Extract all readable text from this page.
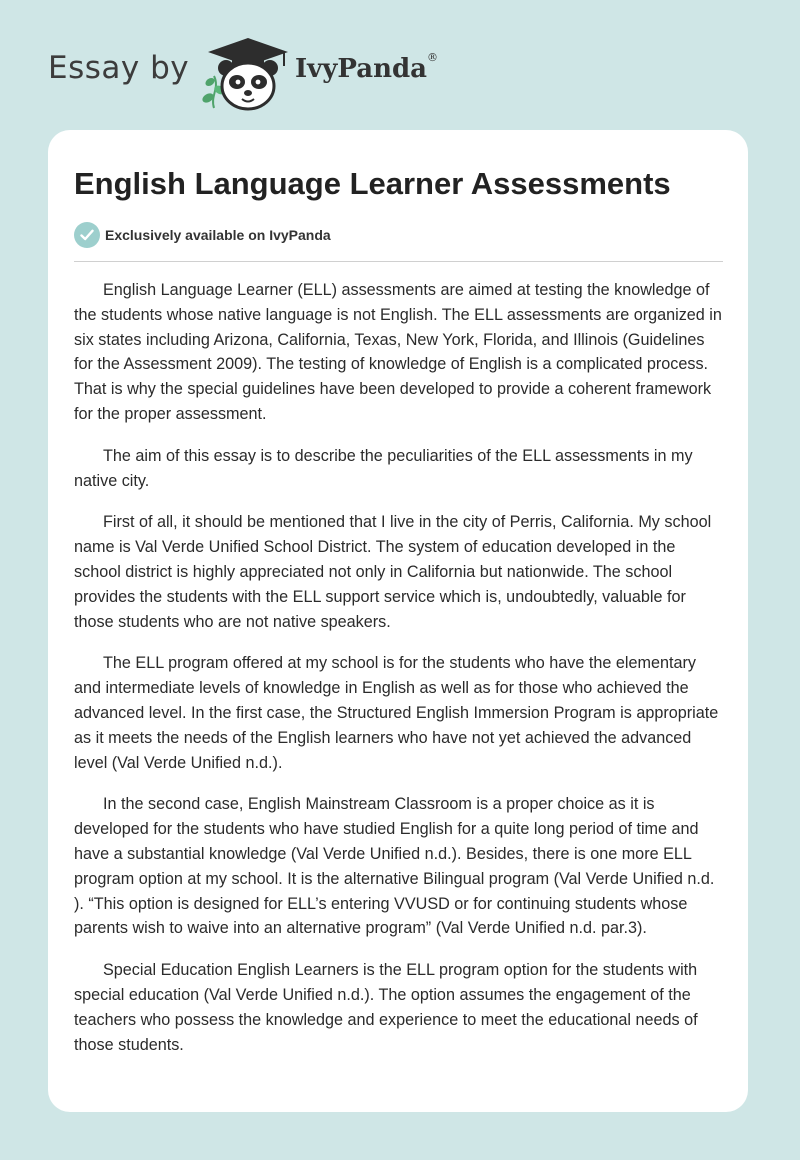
Essay by	IvyPanda®
English Language Learner Assessments
Exclusively available on IvyPanda

English Language Learner (ELL) assessments are aimed at testing the knowledge of the students whose native language is not English. The ELL assessments are organized in six states including Arizona, California, Texas, New York, Florida, and Illinois (Guidelines for the Assessment 2009). The testing of knowledge of English is a complicated process. That is why the special guidelines have been developed to provide a coherent framework for the proper assessment.

The aim of this essay is to describe the peculiarities of the ELL assessments in my native city.

First of all, it should be mentioned that I live in the city of Perris, California. My school name is Val Verde Unified School District. The system of education developed in the school district is highly appreciated not only in California but nationwide. The school provides the students with the ELL support service which is, undoubtedly, valuable for those students who are not native speakers.

The ELL program offered at my school is for the students who have the elementary and intermediate levels of knowledge in English as well as for those who achieved the advanced level. In the first case, the Structured English Immersion Program is appropriate as it meets the needs of the English learners who have not yet achieved the advanced level (Val Verde Unified n.d.).

In the second case, English Mainstream Classroom is a proper choice as it is developed for the students who have studied English for a quite long period of time and have a substantial knowledge (Val Verde Unified n.d.). Besides, there is one more ELL program option at my school. It is the alternative Bilingual program (Val Verde Unified n.d. ). “This option is designed for ELL’s entering VVUSD or for continuing students whose parents wish to waive into an alternative program” (Val Verde Unified n.d. par.3).

Special Education English Learners is the ELL program option for the students with special education (Val Verde Unified n.d.). The option assumes the engagement of the teachers who possess the knowledge and experience to meet the educational needs of those students.
